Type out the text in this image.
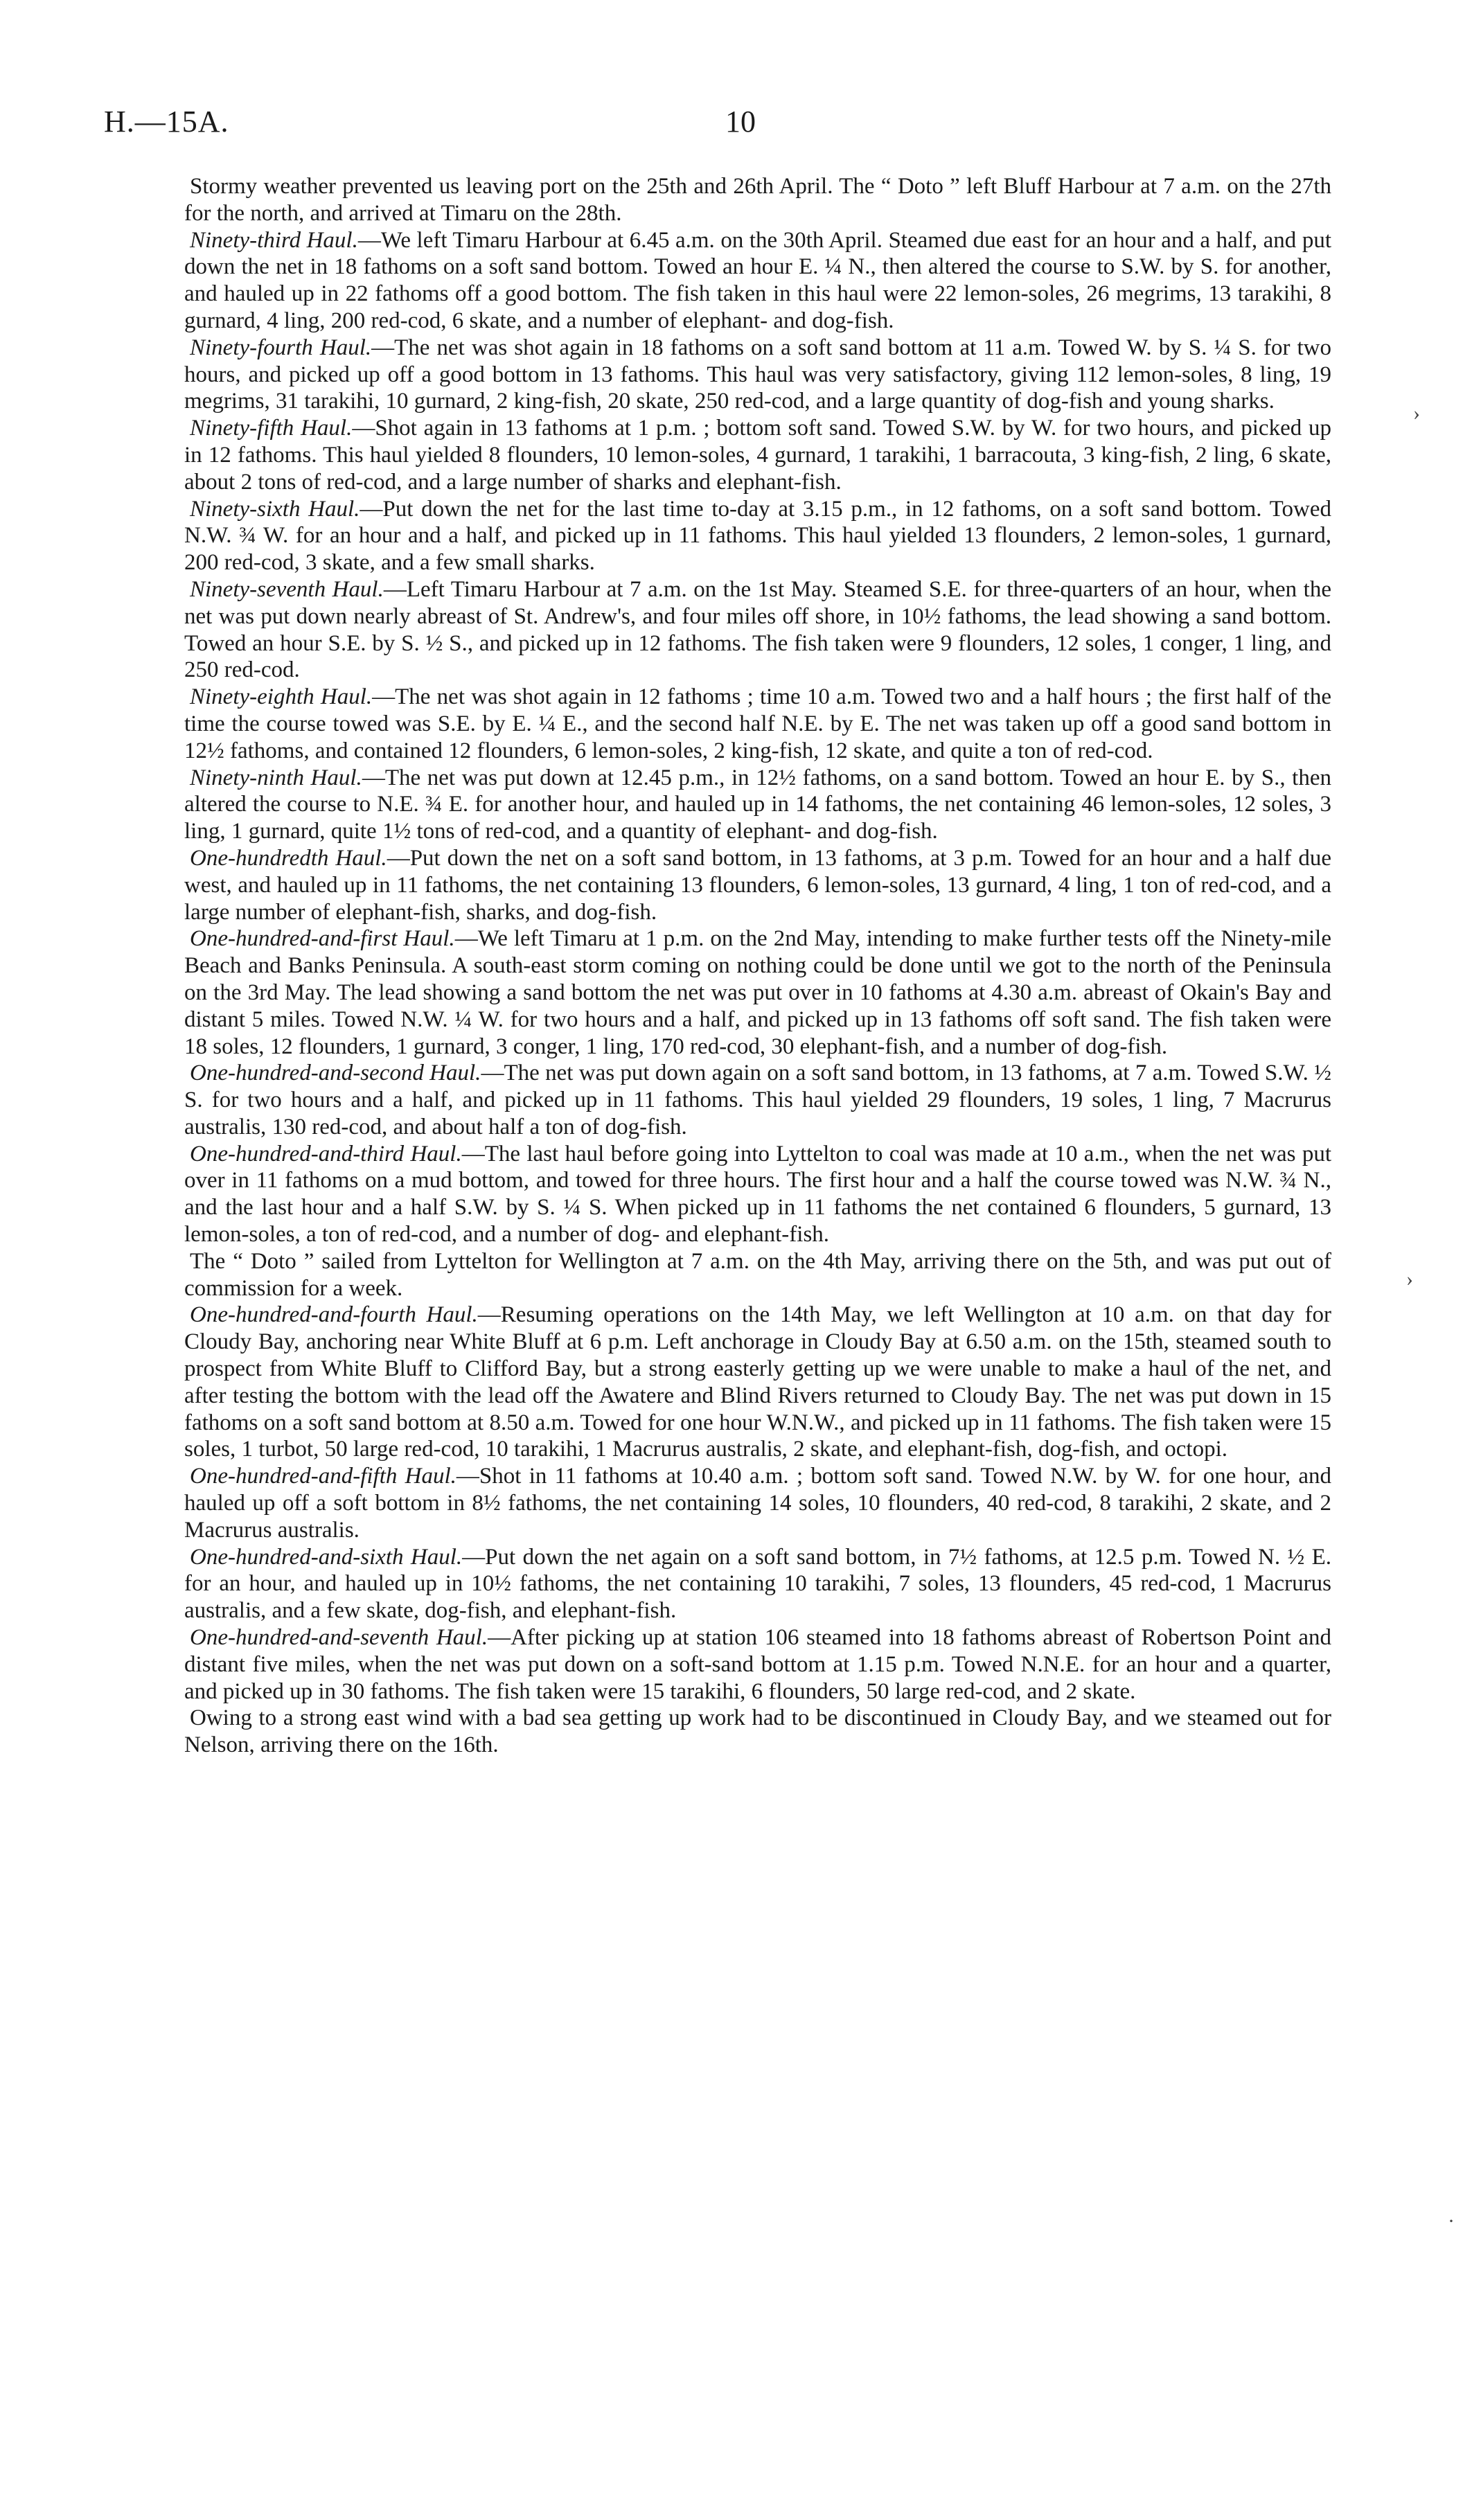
H.—15A.	10

Stormy weather prevented us leaving port on the 25th and 26th April. The “ Doto ” left Bluff Harbour at 7 a.m. on the 27th for the north, and arrived at Timaru on the 28th.

Ninety-third Haul.—We left Timaru Harbour at 6.45 a.m. on the 30th April. Steamed due east for an hour and a half, and put down the net in 18 fathoms on a soft sand bottom. Towed an hour E. ¼ N., then altered the course to S.W. by S. for another, and hauled up in 22 fathoms off a good bottom. The fish taken in this haul were 22 lemon-soles, 26 megrims, 13 tarakihi, 8 gurnard, 4 ling, 200 red-cod, 6 skate, and a number of elephant- and dog-fish.

Ninety-fourth Haul.—The net was shot again in 18 fathoms on a soft sand bottom at 11 a.m. Towed W. by S. ¼ S. for two hours, and picked up off a good bottom in 13 fathoms. This haul was very satisfactory, giving 112 lemon-soles, 8 ling, 19 megrims, 31 tarakihi, 10 gurnard, 2 king-fish, 20 skate, 250 red-cod, and a large quantity of dog-fish and young sharks.

Ninety-fifth Haul.—Shot again in 13 fathoms at 1 p.m. ; bottom soft sand. Towed S.W. by W. for two hours, and picked up in 12 fathoms. This haul yielded 8 flounders, 10 lemon-soles, 4 gurnard, 1 tarakihi, 1 barracouta, 3 king-fish, 2 ling, 6 skate, about 2 tons of red-cod, and a large number of sharks and elephant-fish.

Ninety-sixth Haul.—Put down the net for the last time to-day at 3.15 p.m., in 12 fathoms, on a soft sand bottom. Towed N.W. ¾ W. for an hour and a half, and picked up in 11 fathoms. This haul yielded 13 flounders, 2 lemon-soles, 1 gurnard, 200 red-cod, 3 skate, and a few small sharks.

Ninety-seventh Haul.—Left Timaru Harbour at 7 a.m. on the 1st May. Steamed S.E. for three-quarters of an hour, when the net was put down nearly abreast of St. Andrew's, and four miles off shore, in 10½ fathoms, the lead showing a sand bottom. Towed an hour S.E. by S. ½ S., and picked up in 12 fathoms. The fish taken were 9 flounders, 12 soles, 1 conger, 1 ling, and 250 red-cod.

Ninety-eighth Haul.—The net was shot again in 12 fathoms ; time 10 a.m. Towed two and a half hours ; the first half of the time the course towed was S.E. by E. ¼ E., and the second half N.E. by E. The net was taken up off a good sand bottom in 12½ fathoms, and contained 12 flounders, 6 lemon-soles, 2 king-fish, 12 skate, and quite a ton of red-cod.

Ninety-ninth Haul.—The net was put down at 12.45 p.m., in 12½ fathoms, on a sand bottom. Towed an hour E. by S., then altered the course to N.E. ¾ E. for another hour, and hauled up in 14 fathoms, the net containing 46 lemon-soles, 12 soles, 3 ling, 1 gurnard, quite 1½ tons of red-cod, and a quantity of elephant- and dog-fish.

One-hundredth Haul.—Put down the net on a soft sand bottom, in 13 fathoms, at 3 p.m. Towed for an hour and a half due west, and hauled up in 11 fathoms, the net containing 13 flounders, 6 lemon-soles, 13 gurnard, 4 ling, 1 ton of red-cod, and a large number of elephant-fish, sharks, and dog-fish.

One-hundred-and-first Haul.—We left Timaru at 1 p.m. on the 2nd May, intending to make further tests off the Ninety-mile Beach and Banks Peninsula. A south-east storm coming on nothing could be done until we got to the north of the Peninsula on the 3rd May. The lead showing a sand bottom the net was put over in 10 fathoms at 4.30 a.m. abreast of Okain's Bay and distant 5 miles. Towed N.W. ¼ W. for two hours and a half, and picked up in 13 fathoms off soft sand. The fish taken were 18 soles, 12 flounders, 1 gurnard, 3 conger, 1 ling, 170 red-cod, 30 elephant-fish, and a number of dog-fish.

One-hundred-and-second Haul.—The net was put down again on a soft sand bottom, in 13 fathoms, at 7 a.m. Towed S.W. ½ S. for two hours and a half, and picked up in 11 fathoms. This haul yielded 29 flounders, 19 soles, 1 ling, 7 Macrurus australis, 130 red-cod, and about half a ton of dog-fish.

One-hundred-and-third Haul.—The last haul before going into Lyttelton to coal was made at 10 a.m., when the net was put over in 11 fathoms on a mud bottom, and towed for three hours. The first hour and a half the course towed was N.W. ¾ N., and the last hour and a half S.W. by S. ¼ S. When picked up in 11 fathoms the net contained 6 flounders, 5 gurnard, 13 lemon-soles, a ton of red-cod, and a number of dog- and elephant-fish.

The “ Doto ” sailed from Lyttelton for Wellington at 7 a.m. on the 4th May, arriving there on the 5th, and was put out of commission for a week.

One-hundred-and-fourth Haul.—Resuming operations on the 14th May, we left Wellington at 10 a.m. on that day for Cloudy Bay, anchoring near White Bluff at 6 p.m. Left anchorage in Cloudy Bay at 6.50 a.m. on the 15th, steamed south to prospect from White Bluff to Clifford Bay, but a strong easterly getting up we were unable to make a haul of the net, and after testing the bottom with the lead off the Awatere and Blind Rivers returned to Cloudy Bay. The net was put down in 15 fathoms on a soft sand bottom at 8.50 a.m. Towed for one hour W.N.W., and picked up in 11 fathoms. The fish taken were 15 soles, 1 turbot, 50 large red-cod, 10 tarakihi, 1 Macrurus australis, 2 skate, and elephant-fish, dog-fish, and octopi.

One-hundred-and-fifth Haul.—Shot in 11 fathoms at 10.40 a.m. ; bottom soft sand. Towed N.W. by W. for one hour, and hauled up off a soft bottom in 8½ fathoms, the net containing 14 soles, 10 flounders, 40 red-cod, 8 tarakihi, 2 skate, and 2 Macrurus australis.

One-hundred-and-sixth Haul.—Put down the net again on a soft sand bottom, in 7½ fathoms, at 12.5 p.m. Towed N. ½ E. for an hour, and hauled up in 10½ fathoms, the net containing 10 tarakihi, 7 soles, 13 flounders, 45 red-cod, 1 Macrurus australis, and a few skate, dog-fish, and elephant-fish.

One-hundred-and-seventh Haul.—After picking up at station 106 steamed into 18 fathoms abreast of Robertson Point and distant five miles, when the net was put down on a soft-sand bottom at 1.15 p.m. Towed N.N.E. for an hour and a quarter, and picked up in 30 fathoms. The fish taken were 15 tarakihi, 6 flounders, 50 large red-cod, and 2 skate.

Owing to a strong east wind with a bad sea getting up work had to be discontinued in Cloudy Bay, and we steamed out for Nelson, arriving there on the 16th.

›
›
·
